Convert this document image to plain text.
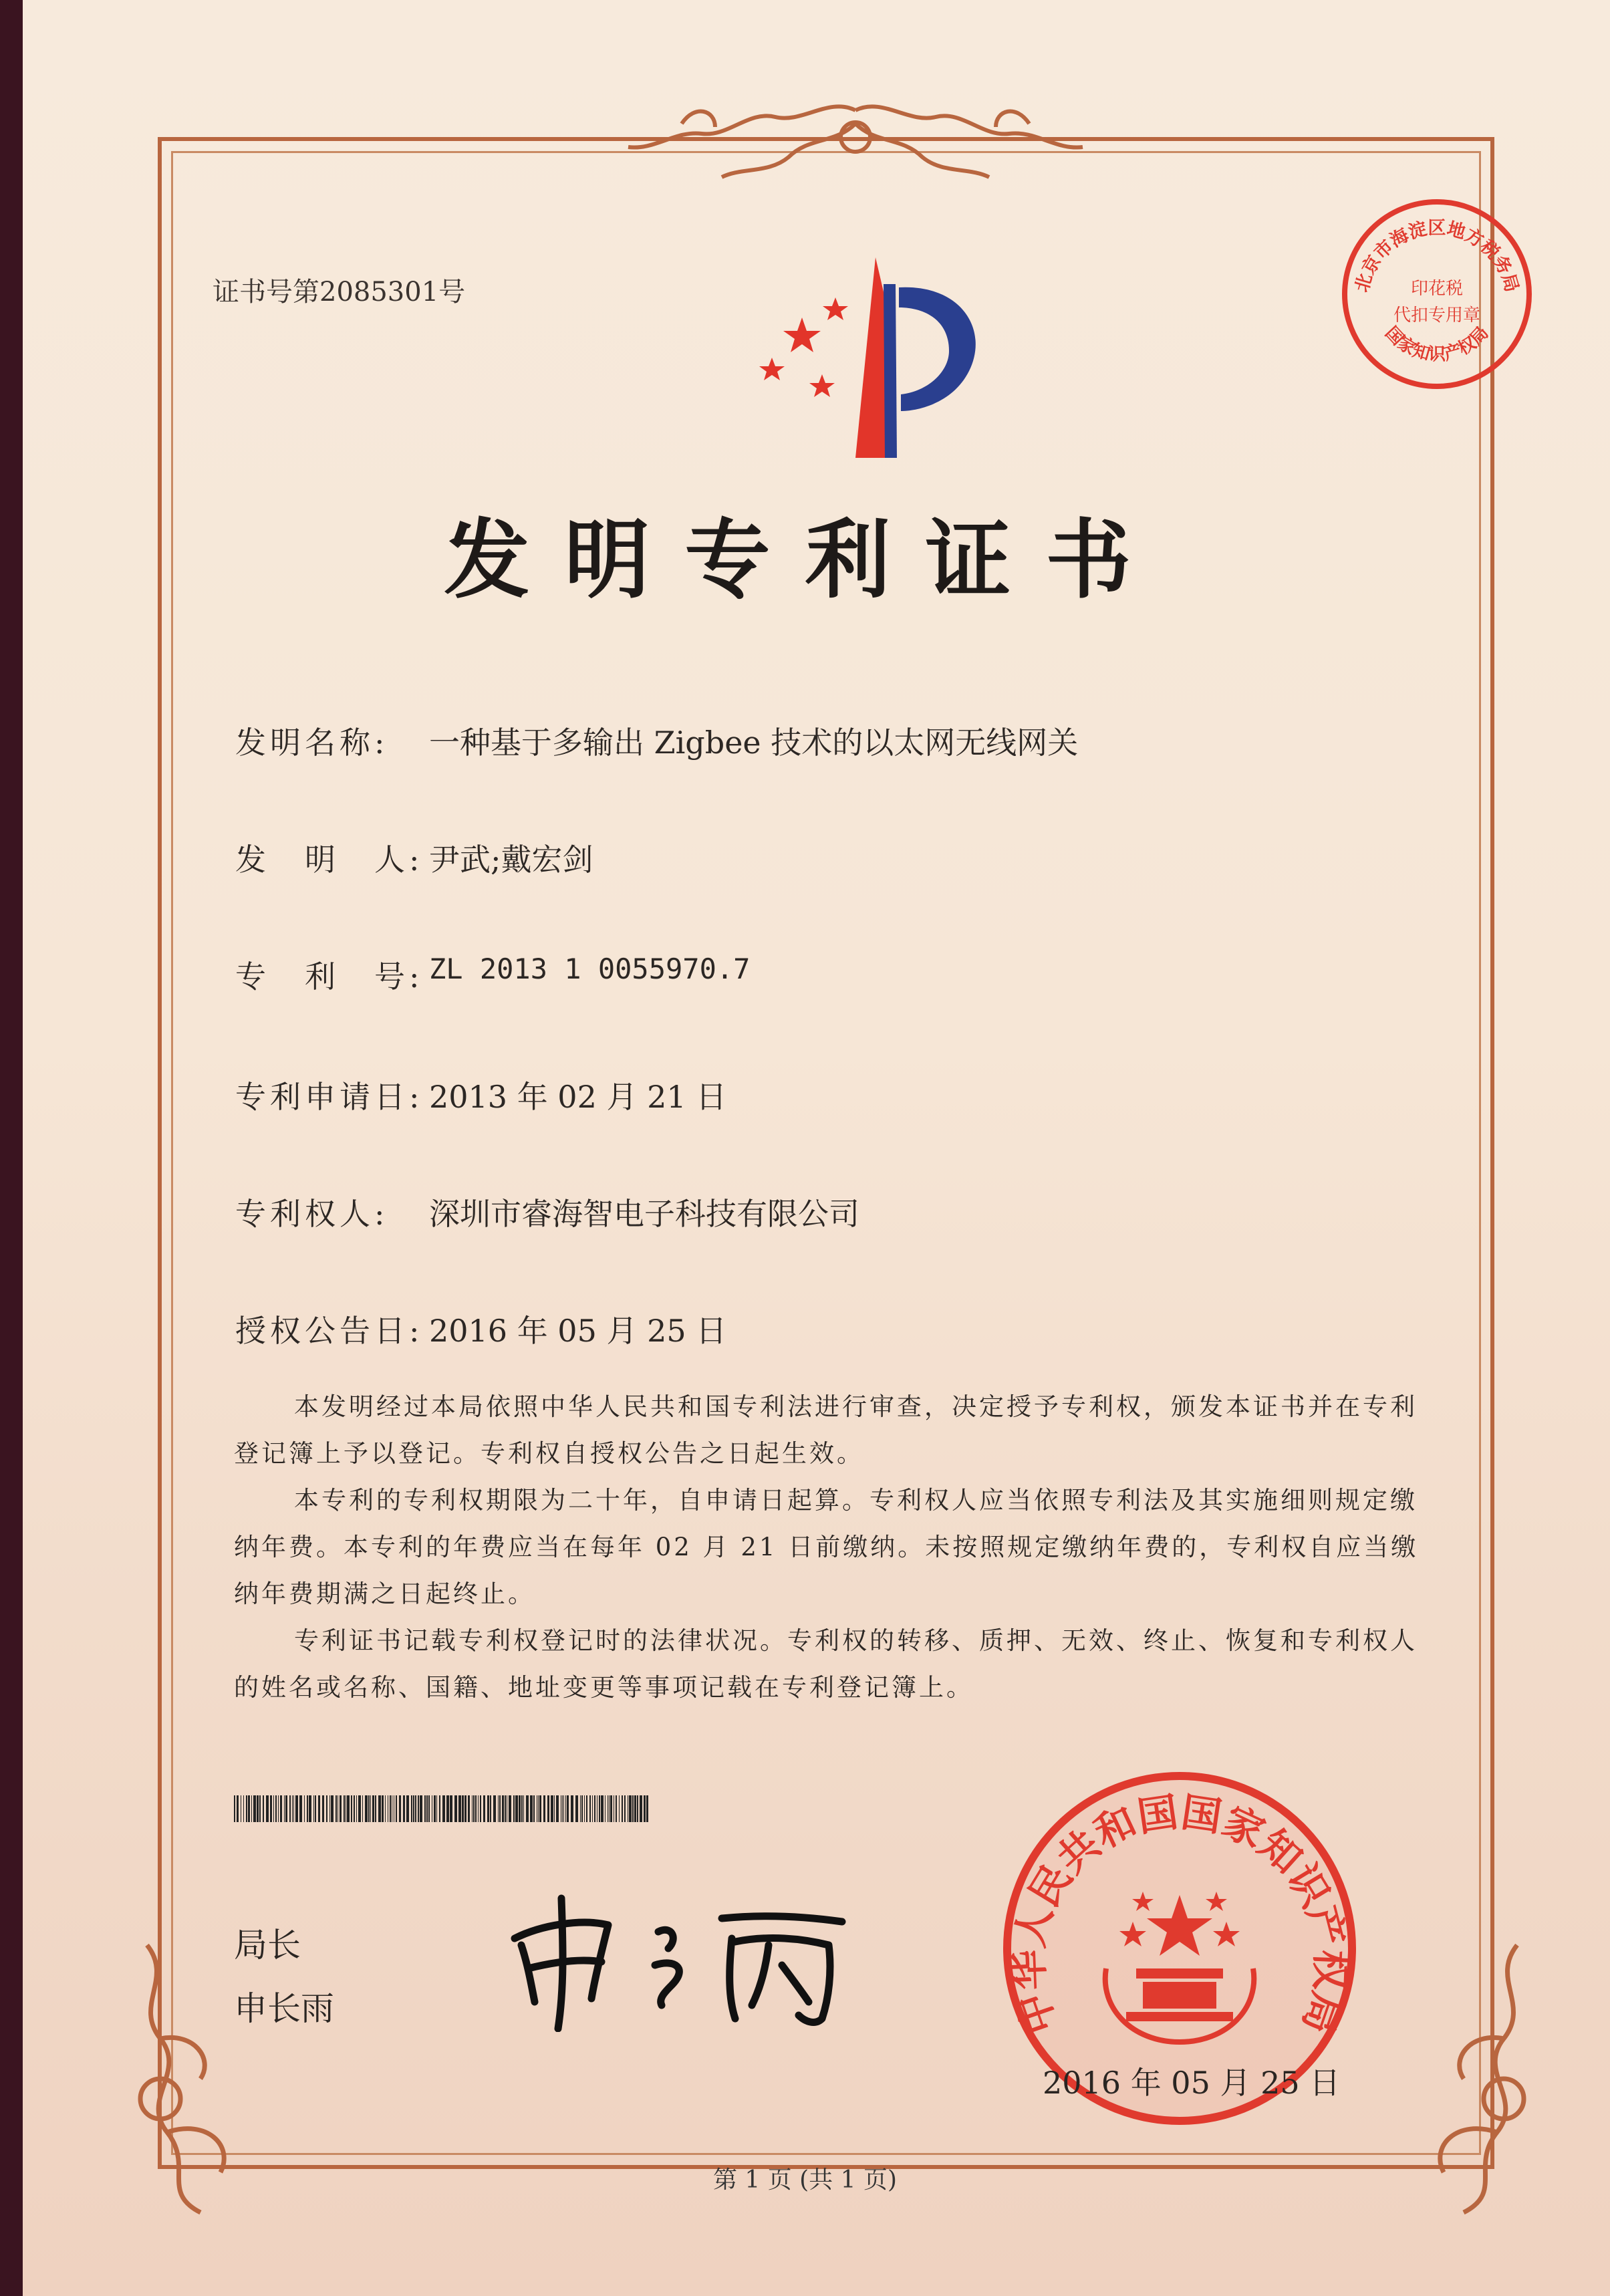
北京市海淀区地方税务局
印花税
代扣专用章
国家知识产权局
证书号第2085301号
发明专利证书
发明名称:	一种基于多输出 Zigbee 技术的以太网无线网关
发　明　人: 尹武;戴宏剑
专　利　号: ZL 2013 1 0055970.7
专利申请日: 2013 年 02 月 21 日
专利权人:	深圳市睿海智电子科技有限公司
授权公告日: 2016 年 05 月 25 日
本发明经过本局依照中华人民共和国专利法进行审查，决定授予专利权，颁发本证书并在专利登记簿上予以登记。专利权自授权公告之日起生效。
本专利的专利权期限为二十年，自申请日起算。专利权人应当依照专利法及其实施细则规定缴纳年费。本专利的年费应当在每年 02 月 21 日前缴纳。未按照规定缴纳年费的，专利权自应当缴纳年费期满之日起终止。
专利证书记载专利权登记时的法律状况。专利权的转移、质押、无效、终止、恢复和专利权人的姓名或名称、国籍、地址变更等事项记载在专利登记簿上。
局长
申长雨	中华人民共和国国家知识产权局
2016 年 05 月 25 日
第 1 页 (共 1 页)
